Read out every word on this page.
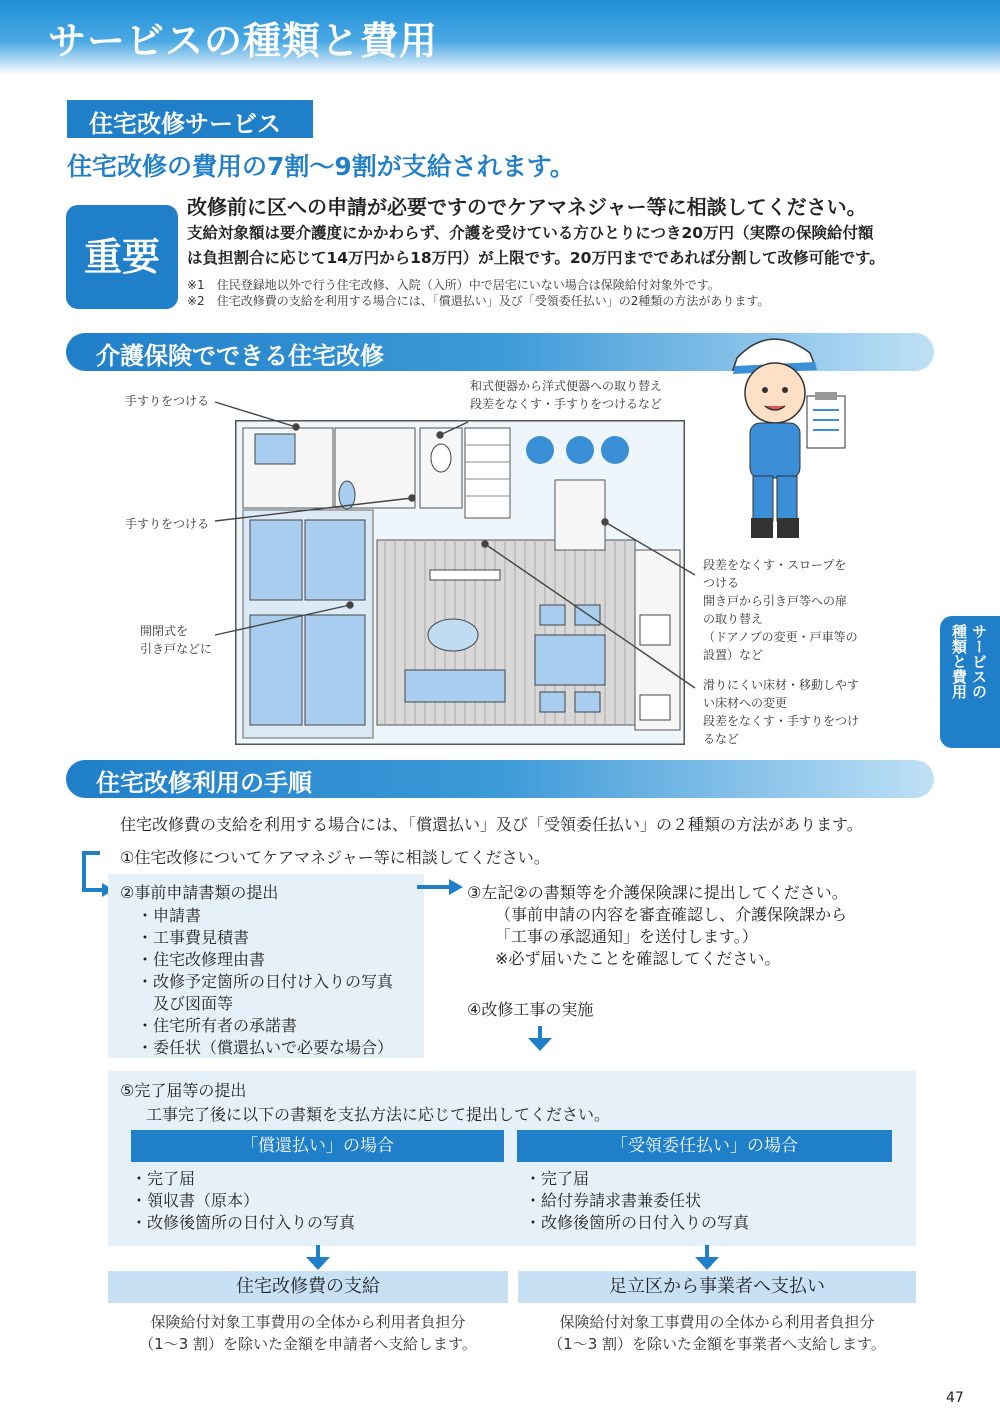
サービスの種類と費用
住宅改修サービス
住宅改修の費用の7割～9割が支給されます。
重要
改修前に区への申請が必要ですのでケアマネジャー等に相談してください。
支給対象額は要介護度にかかわらず、介護を受けている方ひとりにつき20万円（実際の保険給付額
は負担割合に応じて14万円から18万円）が上限です。20万円までであれば分割して改修可能です。
※1　住民登録地以外で行う住宅改修、入院（入所）中で居宅にいない場合は保険給付対象外です。
※2　住宅改修費の支給を利用する場合には、「償還払い」及び「受領委任払い」の2種類の方法があります。
介護保険でできる住宅改修
手すりをつける
和式便器から洋式便器への取り替え
段差をなくす・手すりをつけるなど
手すりをつける
開閉式を
引き戸などに
段差をなくす・スロープを
つける
開き戸から引き戸等への扉
の取り替え
（ドアノブの変更・戸車等の
設置）など
滑りにくい床材・移動しやす
い床材への変更
段差をなくす・手すりをつけ
るなど
サービスの
種類と費用
住宅改修利用の手順
住宅改修費の支給を利用する場合には、「償還払い」及び「受領委任払い」の２種類の方法があります。
①住宅改修についてケアマネジャー等に相談してください。
②事前申請書類の提出
・申請書
・工事費見積書
・住宅改修理由書
・改修予定箇所の日付け入りの写真
　及び図面等
・住宅所有者の承諾書
・委任状（償還払いで必要な場合）
③左記②の書類等を介護保険課に提出してください。
（事前申請の内容を審査確認し、介護保険課から
「工事の承認通知」を送付します。）
※必ず届いたことを確認してください。
④改修工事の実施
⑤完了届等の提出
工事完了後に以下の書類を支払方法に応じて提出してください。
「償還払い」の場合	「受領委任払い」の場合
・完了届
・領収書（原本）
・改修後箇所の日付入りの写真
・完了届
・給付券請求書兼委任状
・改修後箇所の日付入りの写真
住宅改修費の支給	足立区から事業者へ支払い
保険給付対象工事費用の全体から利用者負担分
（1～3 割）を除いた金額を申請者へ支給します。
保険給付対象工事費用の全体から利用者負担分
（1～3 割）を除いた金額を事業者へ支給します。
47
